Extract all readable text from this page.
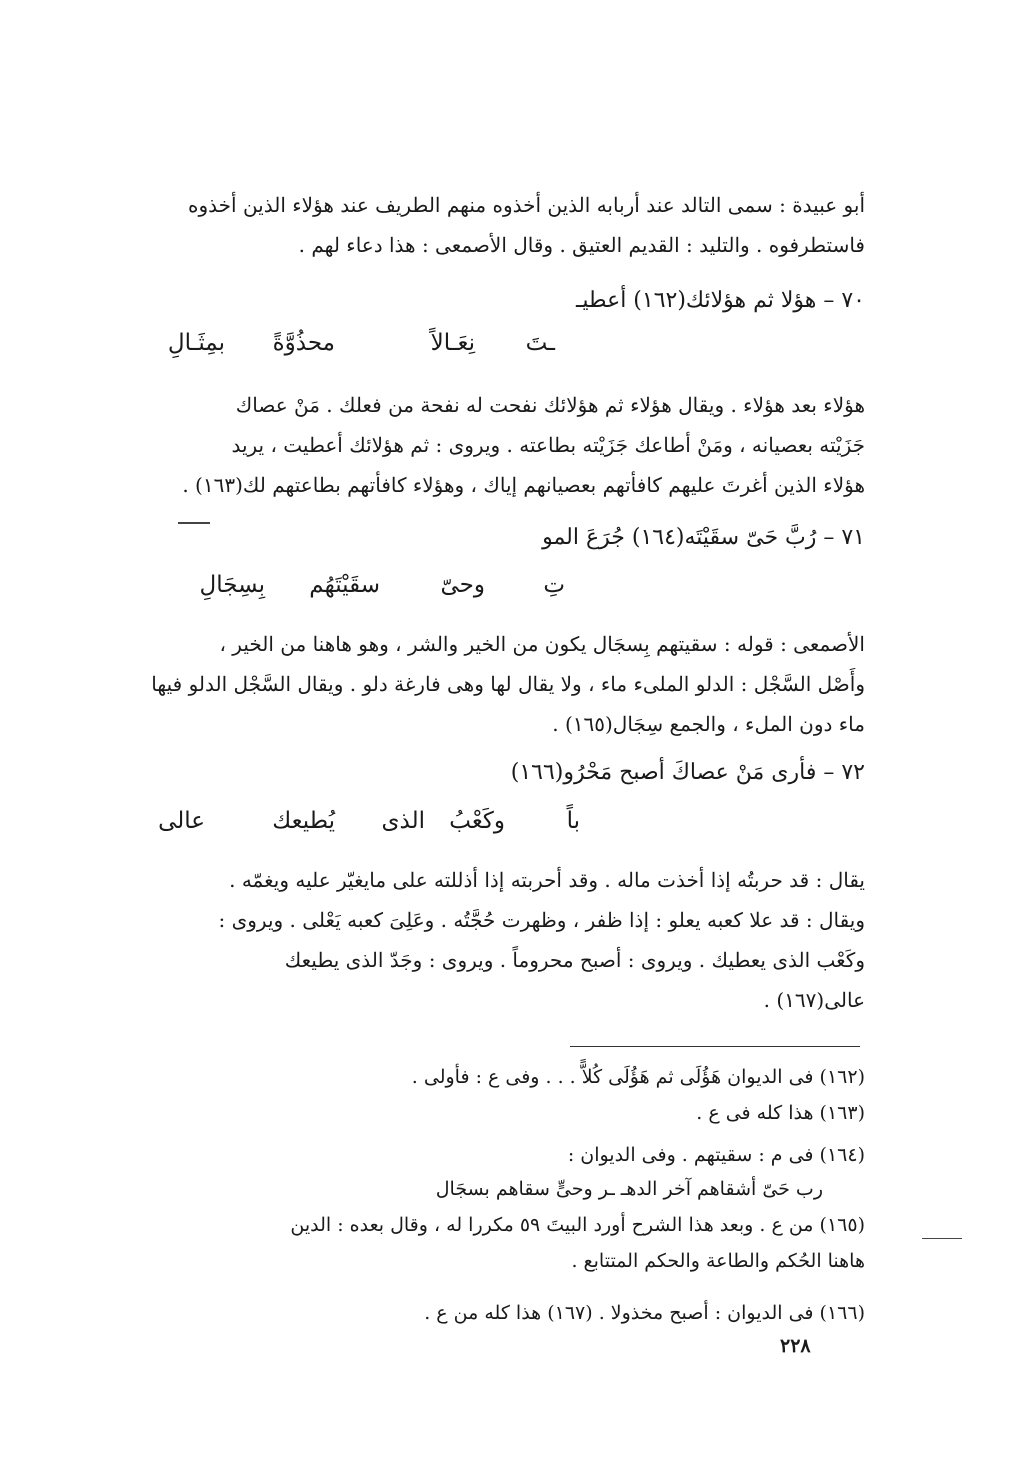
أبو عبيدة : سمى التالد عند أربابه الذين أخذوه منهم الطريف عند هؤلاء الذين أخذوه

فاستطرفوه . والتليد : القديم العتيق . وقال الأصمعى : هذا دعاء لهم .

٧٠ – هؤلا ثم هؤلائك(١٦٢) أعطيـ
ـتَ
نِعَـالاً
محذُوَّةً
بمِثَـالِ

هؤلاء بعد هؤلاء . ويقال هؤلاء ثم هؤلائك نفحت له نفحة من فعلك . مَنْ عصاك

جَزَيْته بعصيانه ، ومَنْ أطاعك جَزَيْته بطاعته . ويروى : ثم هؤلائك أعطيت ، يريد

هؤلاء الذين أغرتَ عليهم كافأتهم بعصيانهم إياك ، وهؤلاء كافأتهم بطاعتهم لك(١٦٣) .

٧١ – رُبَّ حَىّ سقَيْتَه(١٦٤) جُرَعَ المو
تِ
وحىّ
سقَيْتَهُم
بِسِجَالِ

الأصمعى : قوله : سقيتهم بِسجَال يكون من الخير والشر ، وهو هاهنا من الخير ،

وأَصْل السَّجْل : الدلو الملىء ماء ، ولا يقال لها وهى فارغة دلو . ويقال السَّجْل الدلو فيها

ماء دون الملء ، والجمع سِجَال(١٦٥) .

٧٢ – فأرى مَنْ عصاكَ أصبح مَحْرُو(١٦٦)
باً
وكَعْبُ
الذى
يُطيعك
عالى

يقال : قد حربتُه إذا أخذت ماله . وقد أحربته إذا أذللته على مايغيّر عليه ويغمّه .

ويقال : قد علا كعبه يعلو : إذا ظفر ، وظهرت حُجَّتُه . وعَلِىَ كعبه يَعْلى . ويروى :

وكَعْب الذى يعطيك . ويروى : أصبح محروماً . ويروى : وجَدّ الذى يطيعك

عالى(١٦٧) .

(١٦٢) فى الديوان هَؤُلَى ثم هَؤُلَى كُلاًّ . . . وفى ع : فأولى .
(١٦٣) هذا كله فى ع .
(١٦٤) فى م : سقيتهم . وفى الديوان :
رب حَىّ أشقاهم آخر الدهـ ـر وحىٍّ سقاهم بسجَال
(١٦٥) من ع . وبعد هذا الشرح أورد البيتَ ٥٩ مكررا له ، وقال بعده : الدين
هاهنا الحُكم والطاعة والحكم المتتابع .
(١٦٦) فى الديوان : أصبح مخذولا . (١٦٧) هذا كله من ع .
٢٢٨
